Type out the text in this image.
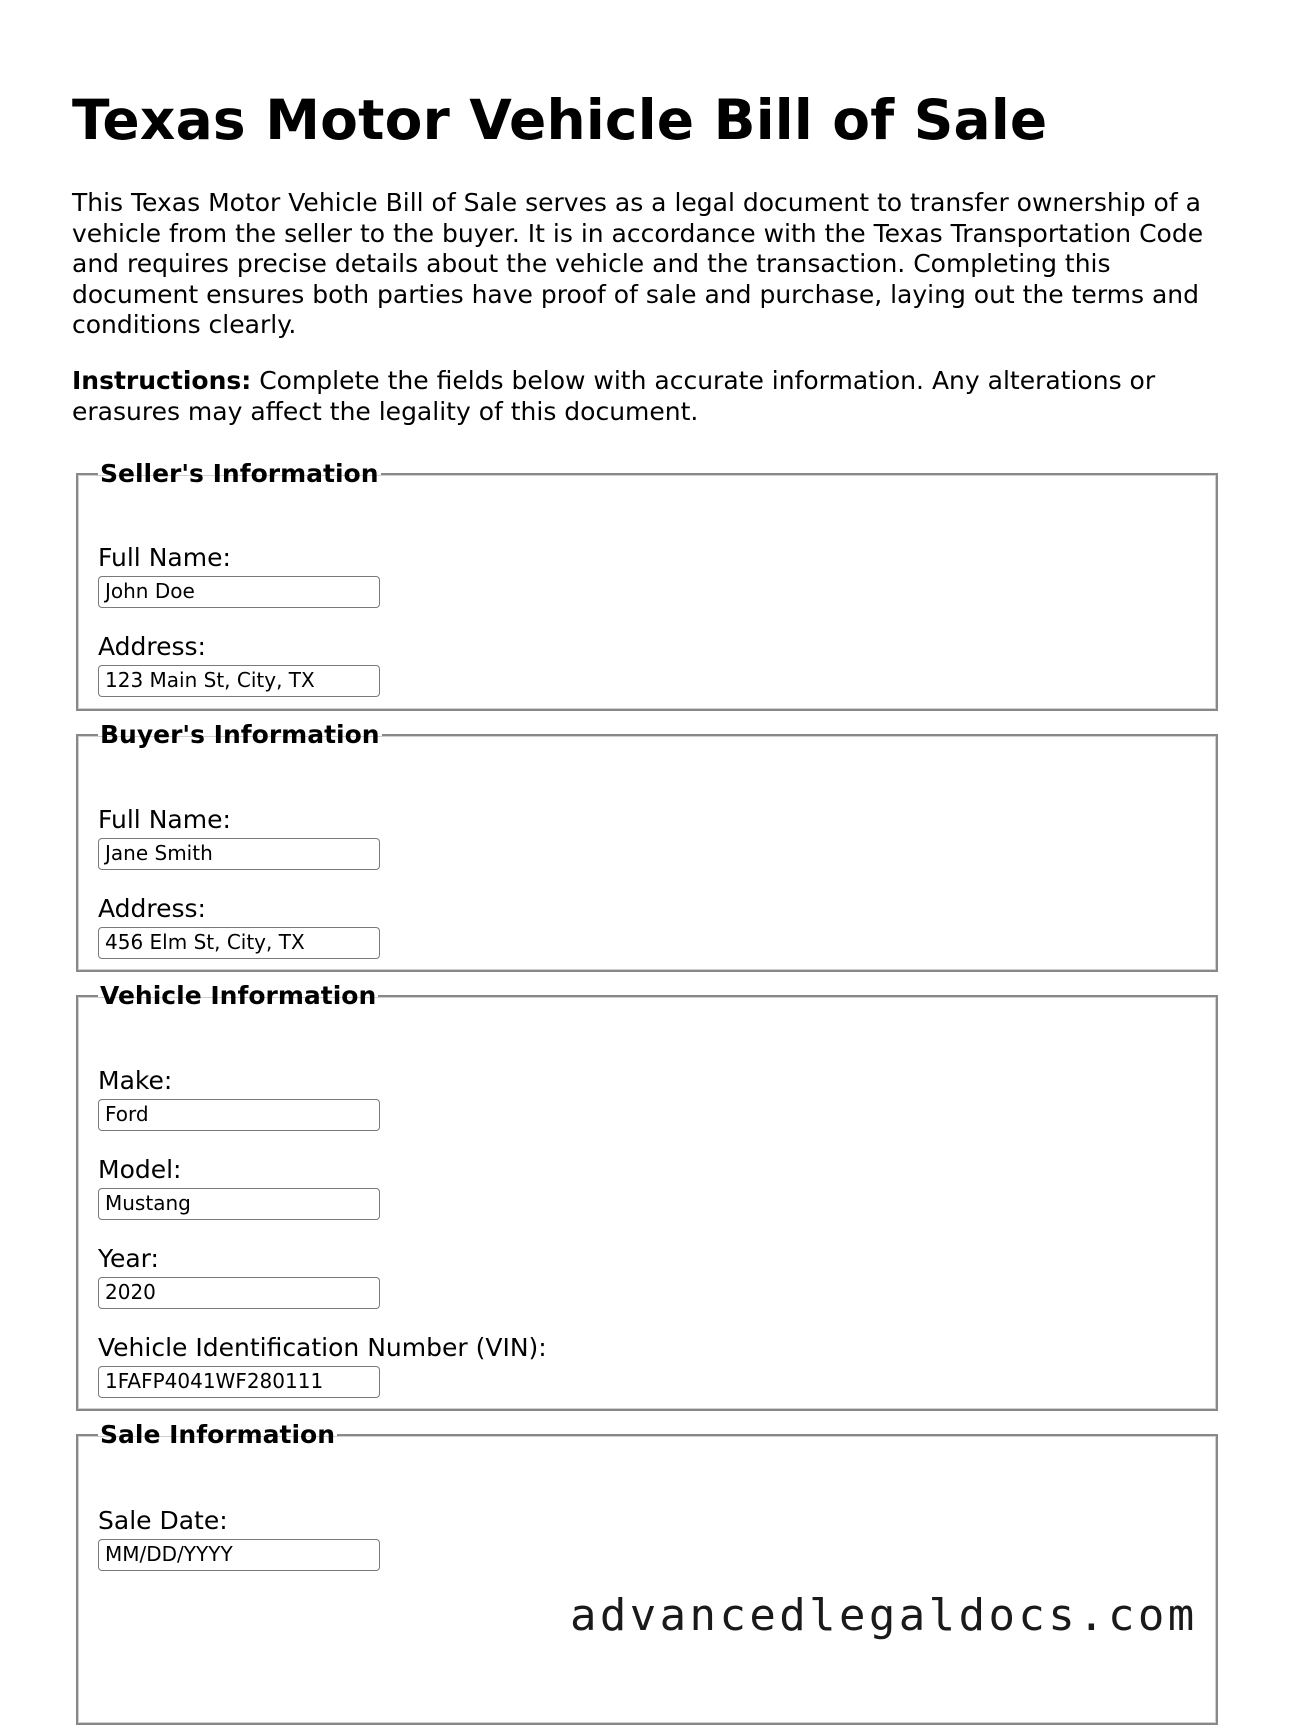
Texas Motor Vehicle Bill of Sale

This Texas Motor Vehicle Bill of Sale serves as a legal document to transfer ownership of a vehicle from the seller to the buyer. It is in accordance with the Texas Transportation Code and requires precise details about the vehicle and the transaction. Completing this document ensures both parties have proof of sale and purchase, laying out the terms and conditions clearly.

Instructions: Complete the fields below with accurate information. Any alterations or erasures may affect the legality of this document.

Seller's Information
Full Name:
John Doe
Address:
123 Main St, City, TX
Buyer's Information
Full Name:
Jane Smith
Address:
456 Elm St, City, TX
Vehicle Information
Make:
Ford
Model:
Mustang
Year:
2020
Vehicle Identification Number (VIN):
1FAFP4041WF280111
Sale Information
Sale Date:
MM/DD/YYYY
advancedlegaldocs.com
